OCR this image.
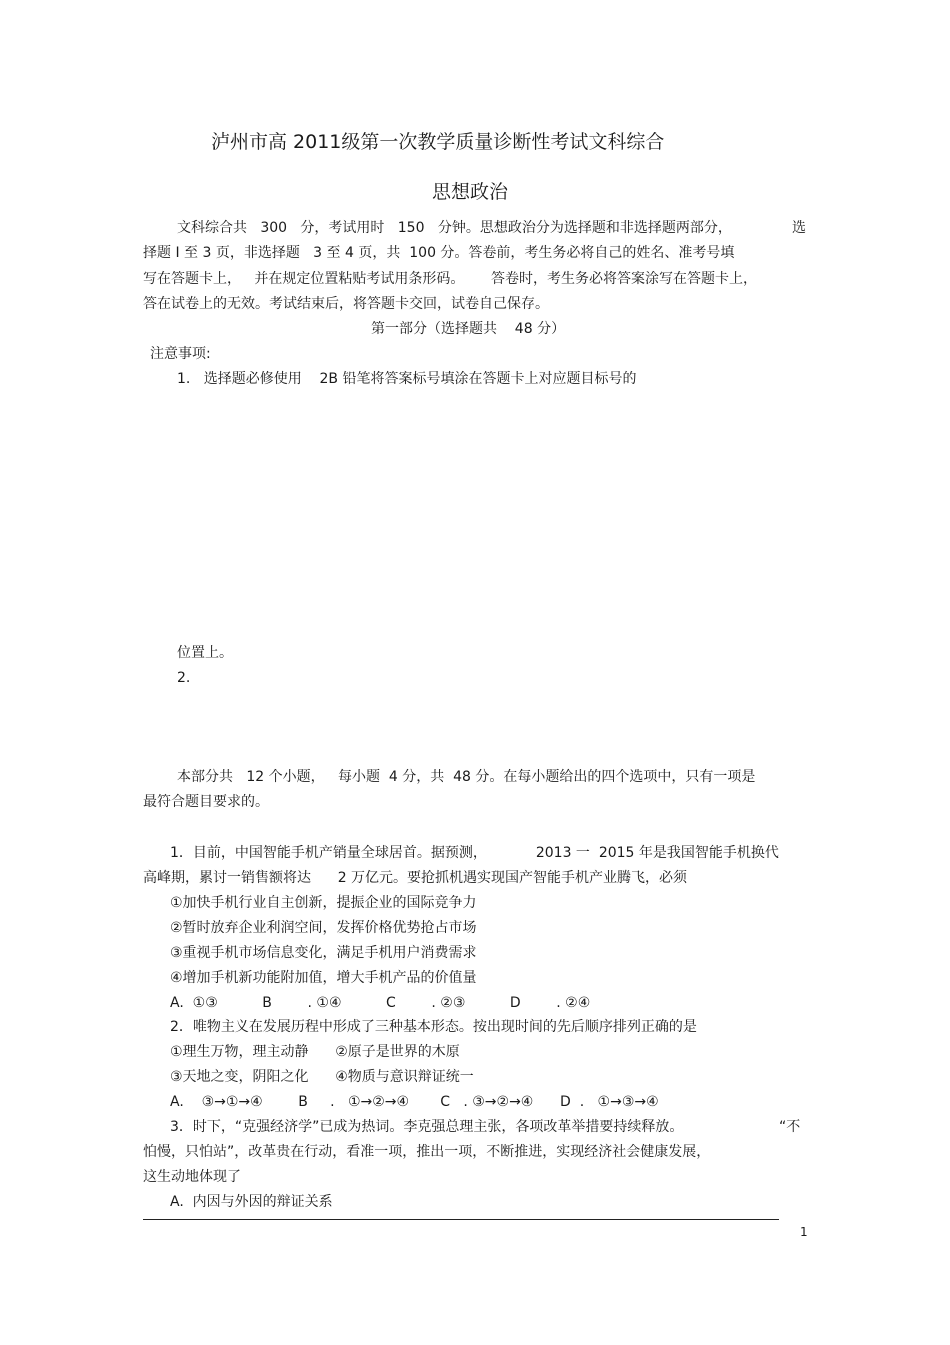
泸州市高 2011级第一次教学质量诊断性考试文科综合
思想政治
文科综合共   300   分，考试用时   150   分钟。思想政治分为选择题和非选择题两部分，	选
择题 Ⅰ 至 3 页，非选择题   3 至 4 页，共  100 分。答卷前，考生务必将自己的姓名、准考号填
写在答题卡上，   并在规定位置粘贴考试用条形码。      答卷时，考生务必将答案涂写在答题卡上，
答在试卷上的无效。考试结束后，将答题卡交回，试卷自己保存。
第一部分（选择题共    48 分）
注意事项:
1.   选择题必修使用    2B 铅笔将答案标号填涂在答题卡上对应题目标号的
位置上。
2.
本部分共   12 个小题，   每小题  4 分，共  48 分。在每小题给出的四个选项中，只有一项是
最符合题目要求的。
1．目前，中国智能手机产销量全球居首。据预测，           2013 一  2015 年是我国智能手机换代
高峰期，累讨一销售额将达      2 万亿元。要抢抓机遇实现国产智能手机产业腾飞，必须
①加快手机行业自主创新，提振企业的国际竞争力
②暂时放弃企业利润空间，发挥价格优势抢占市场
③重视手机市场信息变化，满足手机用户消费需求
④增加手机新功能附加值，增大手机产品的价值量
A.  ①③          B        . ①④          C        . ②③          D        . ②④
2．唯物主义在发展历程中形成了三种基本形态。按出现时间的先后顺序排列正确的是
①理生万物，理主动静      ②原子是世界的木原
③天地之变，阴阳之化      ④物质与意识辩证统一
A.    ③→①→④        B     .   ①→②→④       C   . ③→②→④      D  .   ①→③→④
3．时下，“克强经济学”已成为热词。李克强总理主张，各项改革举措要持续释放。	“不
怕慢，只怕站”，改革贵在行动，看准一项，推出一项，不断推进，实现经济社会健康发展，
这生动地体现了
A.  内因与外因的辩证关系
1
